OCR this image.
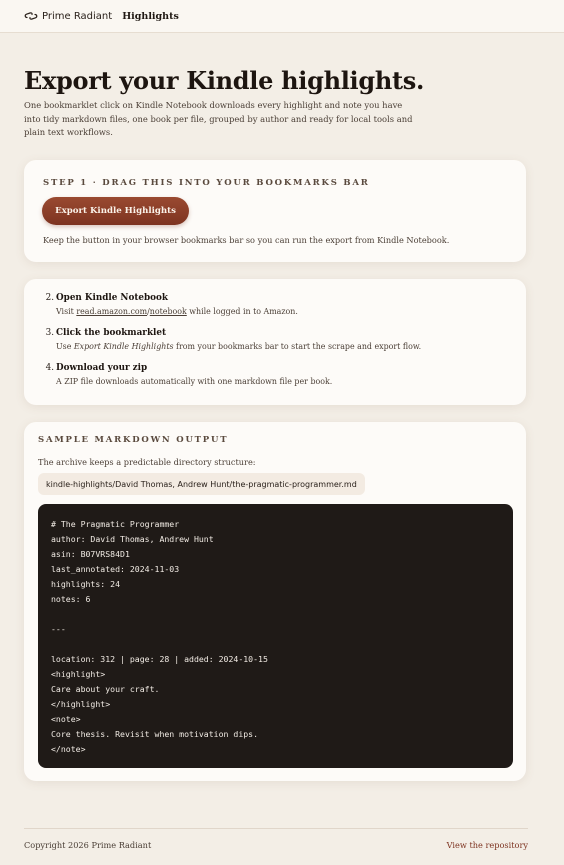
Prime Radiant Highlights
Export your Kindle highlights.

One bookmarklet click on Kindle Notebook downloads every highlight and note you have into tidy markdown files, one book per file, grouped by author and ready for local tools and plain text workflows.

STEP 1 · DRAG THIS INTO YOUR BOOKMARKS BAR
Export Kindle Highlights

Keep the button in your browser bookmarks bar so you can run the export from Kindle Notebook.

2. Open Kindle Notebook
Visit read.amazon.com/notebook while logged in to Amazon.
3. Click the bookmarklet
Use Export Kindle Highlights from your bookmarks bar to start the scrape and export flow.
4. Download your zip
A ZIP file downloads automatically with one markdown file per book.
SAMPLE MARKDOWN OUTPUT

The archive keeps a predictable directory structure:

kindle-highlights/David Thomas, Andrew Hunt/the-pragmatic-programmer.md
# The Pragmatic Programmer
author: David Thomas, Andrew Hunt
asin: B07VRS84D1
last_annotated: 2024-11-03
highlights: 24
notes: 6

---

location: 312 | page: 28 | added: 2024-10-15
<highlight>
Care about your craft.
</highlight>
<note>
Core thesis. Revisit when motivation dips.
</note>

Copyright 2026 Prime Radiant	View the repository
